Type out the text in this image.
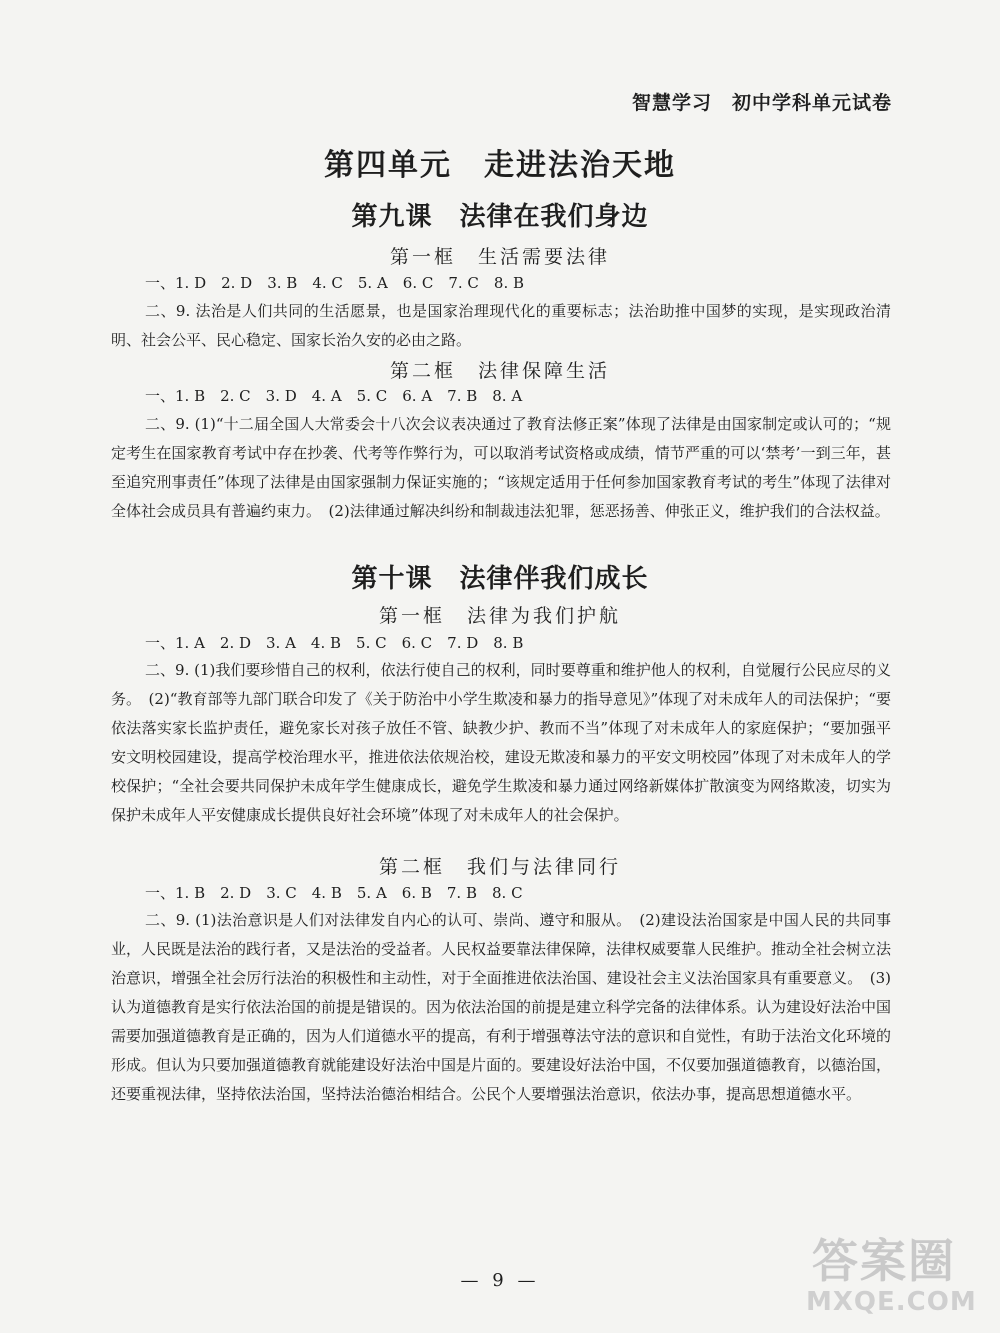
智慧学习　初中学科单元试卷
第四单元　走进法治天地
第九课　法律在我们身边
第一框　生活需要法律
一、1. D　2. D　3. B　4. C　5. A　6. C　7. C　8. B
二、9. 法治是人们共同的生活愿景，也是国家治理现代化的重要标志；法治助推中国梦的实现，是实现政治清明、社会公平、民心稳定、国家长治久安的必由之路。
第二框　法律保障生活
一、1. B　2. C　3. D　4. A　5. C　6. A　7. B　8. A
二、9. (1)“十二届全国人大常委会十八次会议表决通过了教育法修正案”体现了法律是由国家制定或认可的；“规定考生在国家教育考试中存在抄袭、代考等作弊行为，可以取消考试资格或成绩，情节严重的可以‘禁考’一到三年，甚至追究刑事责任”体现了法律是由国家强制力保证实施的；“该规定适用于任何参加国家教育考试的考生”体现了法律对全体社会成员具有普遍约束力。　(2)法律通过解决纠纷和制裁违法犯罪，惩恶扬善、伸张正义，维护我们的合法权益。
第十课　法律伴我们成长
第一框　法律为我们护航
一、1. A　2. D　3. A　4. B　5. C　6. C　7. D　8. B
二、9. (1)我们要珍惜自己的权利，依法行使自己的权利，同时要尊重和维护他人的权利，自觉履行公民应尽的义务。　(2)“教育部等九部门联合印发了《关于防治中小学生欺凌和暴力的指导意见》”体现了对未成年人的司法保护；“要依法落实家长监护责任，避免家长对孩子放任不管、缺教少护、教而不当”体现了对未成年人的家庭保护；“要加强平安文明校园建设，提高学校治理水平，推进依法依规治校，建设无欺凌和暴力的平安文明校园”体现了对未成年人的学校保护；“全社会要共同保护未成年学生健康成长，避免学生欺凌和暴力通过网络新媒体扩散演变为网络欺凌，切实为保护未成年人平安健康成长提供良好社会环境”体现了对未成年人的社会保护。
第二框　我们与法律同行
一、1. B　2. D　3. C　4. B　5. A　6. B　7. B　8. C
二、9. (1)法治意识是人们对法律发自内心的认可、崇尚、遵守和服从。　(2)建设法治国家是中国人民的共同事业，人民既是法治的践行者，又是法治的受益者。人民权益要靠法律保障，法律权威要靠人民维护。推动全社会树立法治意识，增强全社会厉行法治的积极性和主动性，对于全面推进依法治国、建设社会主义法治国家具有重要意义。　(3)认为道德教育是实行依法治国的前提是错误的。因为依法治国的前提是建立科学完备的法律体系。认为建设好法治中国需要加强道德教育是正确的，因为人们道德水平的提高，有利于增强尊法守法的意识和自觉性，有助于法治文化环境的形成。但认为只要加强道德教育就能建设好法治中国是片面的。要建设好法治中国，不仅要加强道德教育，以德治国，还要重视法律，坚持依法治国，坚持法治德治相结合。公民个人要增强法治意识，依法办事，提高思想道德水平。
— 9 —	答案圈
MXQE.COM
